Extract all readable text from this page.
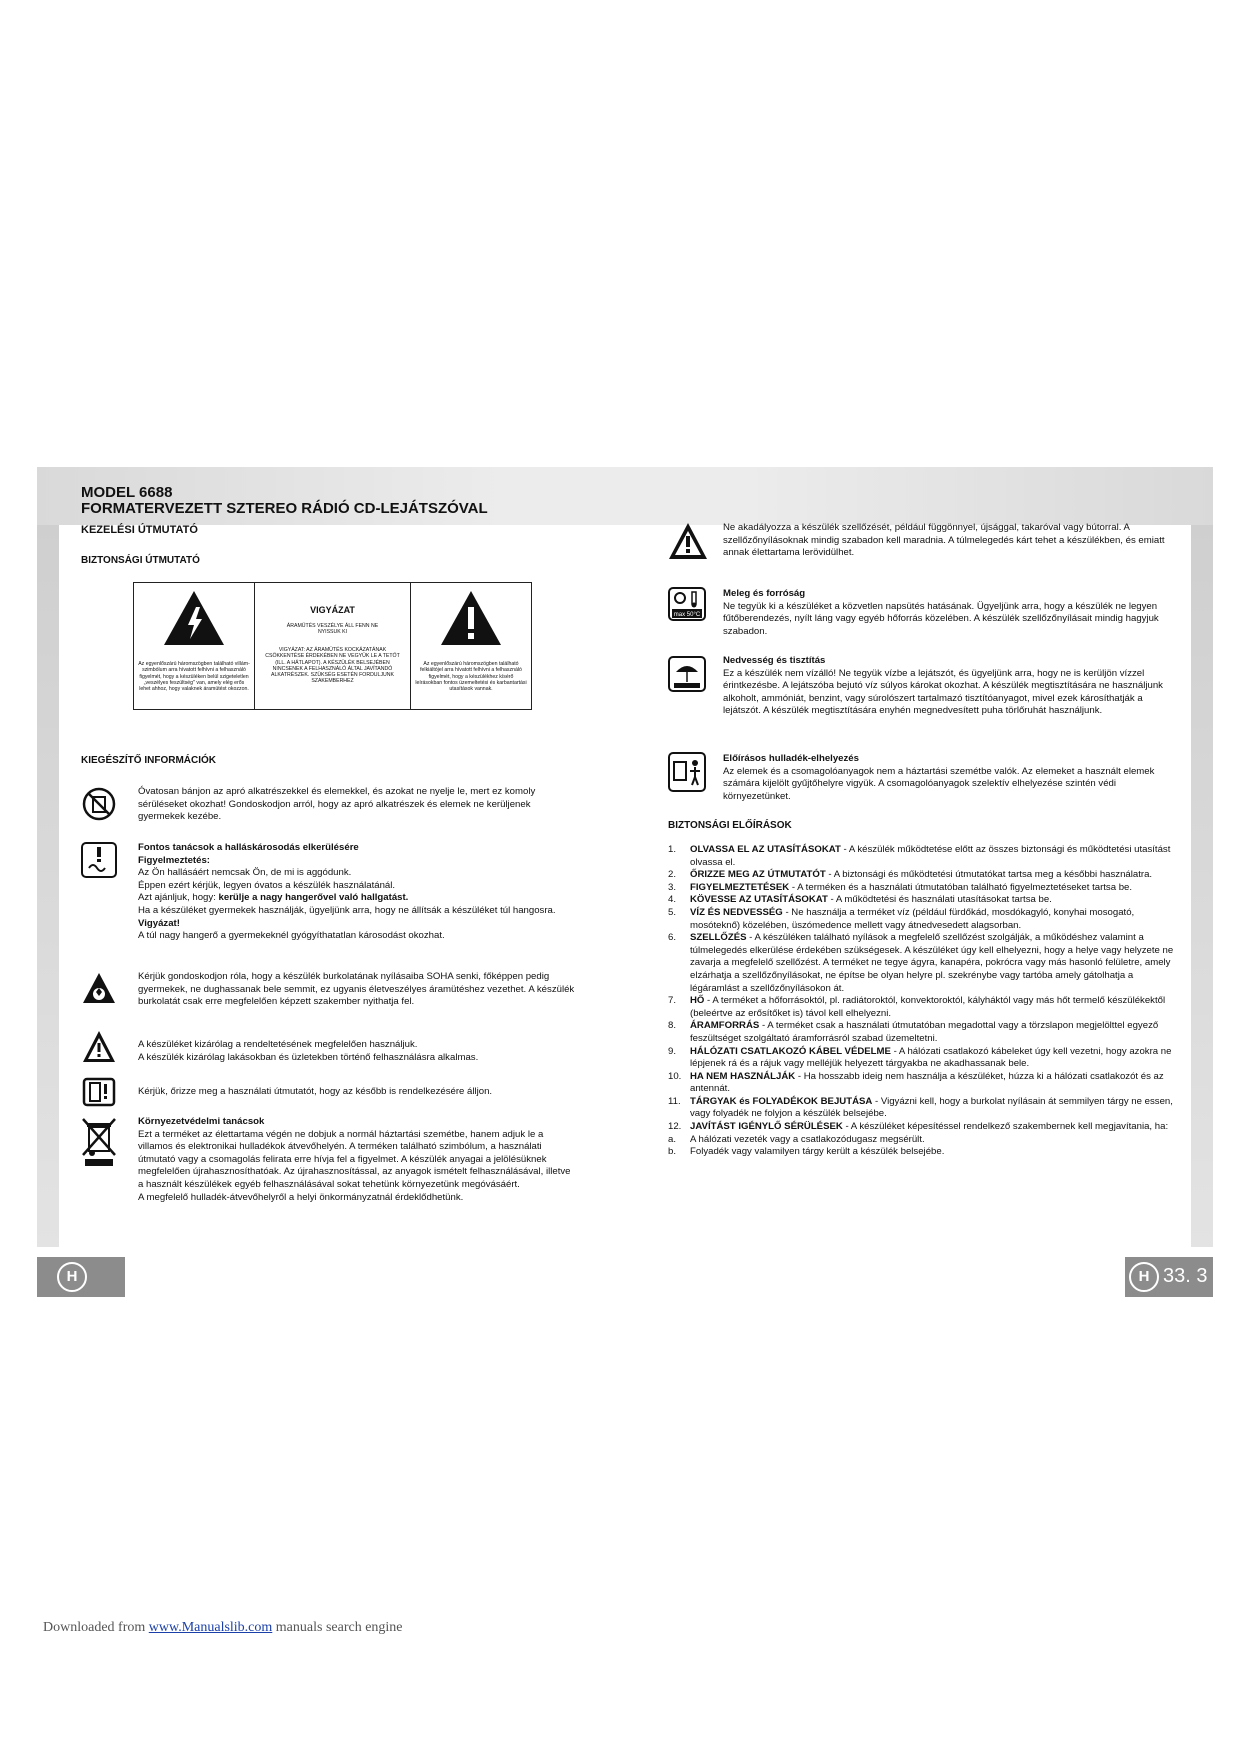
MODEL 6688
FORMATERVEZETT SZTEREO RÁDIÓ CD-LEJÁTSZÓVAL
KEZELÉSI ÚTMUTATÓ
BIZTONSÁGI ÚTMUTATÓ
Az egyenlőszárú háromszögben található villám-szimbólum arra hívatott felhívni a felhasználó figyelmét, hogy a készüléken belül szigeteletlen „veszélyes feszültség" van, amely elég erős lehet ahhoz, hogy valaknek áramütést okozzon.
VIGYÁZAT
ÁRAMÜTÉS VESZÉLYE ÁLL FENN NE NYISSUK KI
VIGYÁZAT: AZ ÁRAMÜTÉS KOCKÁZATÁNAK CSÖKKENTÉSE ÉRDEKÉBEN NE VEGYÜK LE A TETŐT (ILL. A HÁTLAPOT). A KÉSZÜLÉK BELSEJÉBEN NINCSENEK A FELHASZNÁLÓ ÁLTAL JAVÍTANDÓ ALKATRÉSZEK. SZÜKSÉG ESETÉN FORDULJUNK SZAKEMBERHEZ
Az egyenlőszárú háromszögben található felkiáltójel arra hívatott felhívni a felhasználó figyelmét, hogy a készülékhez kísérő leírásokban fontos üzemeltetési és karbantartási utasítások vannak.
KIEGÉSZÍTŐ INFORMÁCIÓK
Óvatosan bánjon az apró alkatrészekkel és elemekkel, és azokat ne nyelje le, mert ez komoly sérüléseket okozhat! Gondoskodjon arról, hogy az apró alkatrészek és elemek ne kerüljenek gyermekek kezébe.
Fontos tanácsok a halláskárosodás elkerülésére
Figyelmeztetés:
Az Ön hallásáért nemcsak Ön, de mi is aggódunk.
Éppen ezért kérjük, legyen óvatos a készülék használatánál.
Azt ajánljuk, hogy: kerülje a nagy hangerővel való hallgatást.
Ha a készüléket gyermekek használják, ügyeljünk arra, hogy ne állítsák a készüléket túl hangosra.
Vigyázat!
A túl nagy hangerő a gyermekeknél gyógyíthatatlan károsodást okozhat.
Kérjük gondoskodjon róla, hogy a készülék burkolatának nyílásaiba SOHA senki, főképpen pedig gyermekek, ne dughassanak bele semmit, ez ugyanis életveszélyes áramütéshez vezethet. A készülék burkolatát csak erre megfelelően képzett szakember nyithatja fel.
A készüléket kizárólag a rendeltetésének megfelelően használjuk.
A készülék kizárólag lakásokban és üzletekben történő felhasználásra alkalmas.
Kérjük, őrizze meg a használati útmutatót, hogy az később is rendelkezésére álljon.
Környezetvédelmi tanácsok
Ezt a terméket az élettartama végén ne dobjuk a normál háztartási szemétbe, hanem adjuk le a villamos és elektronikai hulladékok átvevőhelyén. A terméken található szimbólum, a használati útmutató vagy a csomagolás felirata erre hívja fel a figyelmet. A készülék anyagai a jelölésüknek megfelelően újrahasznosíthatóak. Az újrahasznosítással, az anyagok ismételt felhasználásával, illetve a használt készülékek egyéb felhasználásával sokat tehetünk környezetünk megóvásáért.
A megfelelő hulladék-átvevőhelyről a helyi önkormányzatnál érdeklődhetünk.
Ne akadályozza a készülék szellőzését, például függönnyel, újsággal, takaróval vagy bútorral. A szellőzőnyílásoknak mindig szabadon kell maradnia. A túlmelegedés kárt tehet a készülékben, és emiatt annak élettartama lerövidülhet.
max 50°C
Meleg és forróság
Ne tegyük ki a készüléket a közvetlen napsütés hatásának. Ügyeljünk arra, hogy a készülék ne legyen fűtőberendezés, nyílt láng vagy egyéb hőforrás közelében. A készülék szellőzőnyílásait mindig hagyjuk szabadon.
Nedvesség és tisztítás
Ez a készülék nem vízálló! Ne tegyük vízbe a lejátszót, és ügyeljünk arra, hogy ne is kerüljön vízzel érintkezésbe. A lejátszóba bejutó víz súlyos károkat okozhat. A készülék megtisztítására ne használjunk alkoholt, ammóniát, benzint, vagy súrolószert tartalmazó tisztítóanyagot, mivel ezek károsíthatják a lejátszót. A készülék megtisztítására enyhén megnedvesített puha törlőruhát használjunk.
Előírásos hulladék-elhelyezés
Az elemek és a csomagolóanyagok nem a háztartási szemétbe valók. Az elemeket a használt elemek számára kijelölt gyűjtőhelyre vigyük. A csomagolóanyagok szelektív elhelyezése szintén védi környezetünket.
BIZTONSÁGI ELŐÍRÁSOK
1.	OLVASSA EL AZ UTASÍTÁSOKAT - A készülék működtetése előtt az összes biztonsági és működtetési utasítást olvassa el.
2.	ŐRIZZE MEG AZ ÚTMUTATÓT - A biztonsági és működtetési útmutatókat tartsa meg a későbbi használatra.
3.	FIGYELMEZTETÉSEK - A terméken és a használati útmutatóban található figyelmeztetéseket tartsa be.
4.	KÖVESSE AZ UTASÍTÁSOKAT - A működtetési és használati utasításokat tartsa be.
5.	VÍZ ÉS NEDVESSÉG - Ne használja a terméket víz (például fürdőkád, mosdókagyló, konyhai mosogató, mosóteknő) közelében, üszómedence mellett vagy átnedvesedett alagsorban.
6.	SZELLŐZÉS - A készüléken található nyílások a megfelelő szellőzést szolgálják, a működéshez valamint a túlmelegedés elkerülése érdekében szükségesek. A készüléket úgy kell elhelyezni, hogy a helye vagy helyzete ne zavarja a megfelelő szellőzést. A terméket ne tegye ágyra, kanapéra, pokrócra vagy más hasonló felületre, amely elzárhatja a szellőzőnyílásokat, ne építse be olyan helyre pl. szekrénybe vagy tartóba amely gátolhatja a légáramlást a szellőzőnyílásokon át.
7.	HŐ - A terméket a hőforrásoktól, pl. radiátoroktól, konvektoroktól, kályháktól vagy más hőt termelő készülékektől (beleértve az erősítőket is) távol kell elhelyezni.
8.	ÁRAMFORRÁS - A terméket csak a használati útmutatóban megadottal vagy a törzslapon megjelölttel egyező feszültséget szolgáltató áramforrásról szabad üzemeltetni.
9.	HÁLÓZATI CSATLAKOZÓ KÁBEL VÉDELME - A hálózati csatlakozó kábeleket úgy kell vezetni, hogy azokra ne lépjenek rá és a rájuk vagy melléjük helyezett tárgyakba ne akadhassanak bele.
10. HA NEM HASZNÁLJÁK - Ha hosszabb ideig nem használja a készüléket, húzza ki a hálózati csatlakozót és az antennát.
11. TÁRGYAK és FOLYADÉKOK BEJUTÁSA - Vigyázni kell, hogy a burkolat nyílásain át semmilyen tárgy ne essen, vagy folyadék ne folyjon a készülék belsejébe.
12. JAVÍTÁST IGÉNYLŐ SÉRÜLÉSEK - A készüléket képesítéssel rendelkező szakembernek kell megjavítania, ha:
a.	A hálózati vezeték vagy a csatlakozódugasz megsérült.
b.	Folyadék vagy valamilyen tárgy került a készülék belsejébe.
H	H 33. 3
Downloaded from www.Manualslib.com manuals search engine
